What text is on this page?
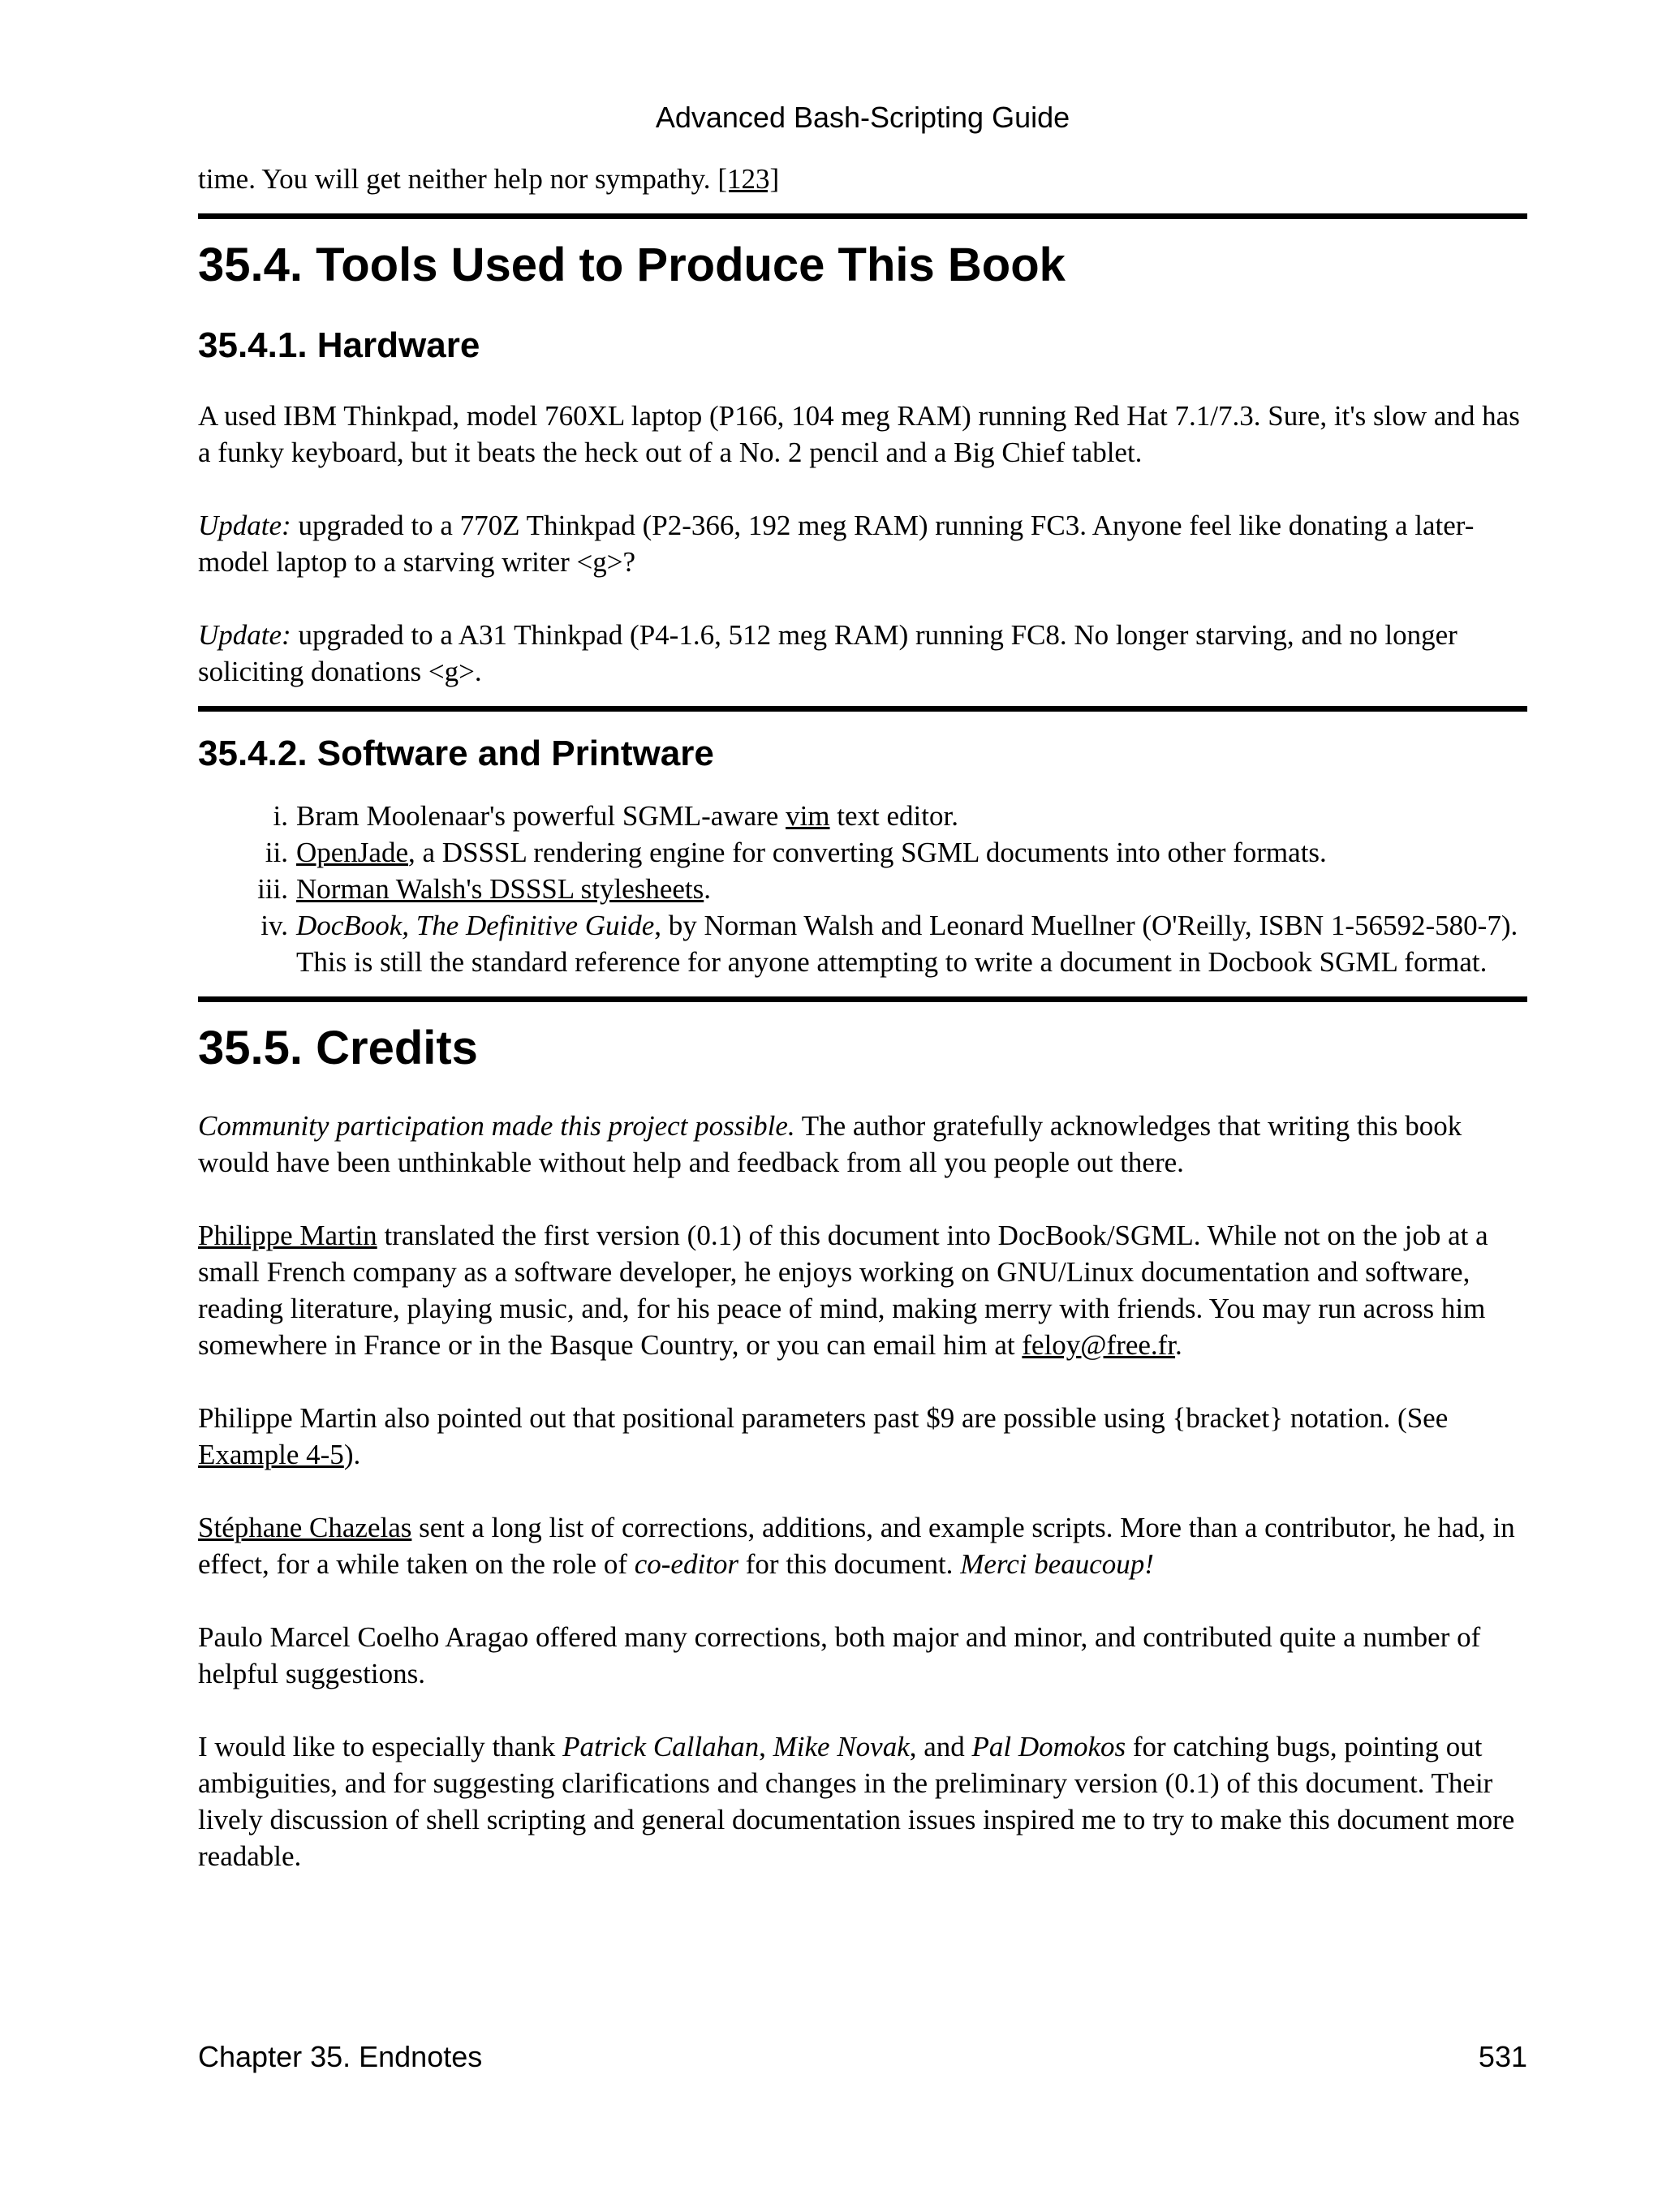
Advanced Bash-Scripting Guide

time. You will get neither help nor sympathy. [123]

35.4. Tools Used to Produce This Book
35.4.1. Hardware

A used IBM Thinkpad, model 760XL laptop (P166, 104 meg RAM) running Red Hat 7.1/7.3. Sure, it's slow and has a funky keyboard, but it beats the heck out of a No. 2 pencil and a Big Chief tablet.

Update: upgraded to a 770Z Thinkpad (P2-366, 192 meg RAM) running FC3. Anyone feel like donating a later-model laptop to a starving writer <g>?

Update: upgraded to a A31 Thinkpad (P4-1.6, 512 meg RAM) running FC8. No longer starving, and no longer soliciting donations <g>.

35.4.2. Software and Printware
i. Bram Moolenaar's powerful SGML-aware vim text editor.
ii. OpenJade, a DSSSL rendering engine for converting SGML documents into other formats.
iii. Norman Walsh's DSSSL stylesheets.
iv. DocBook, The Definitive Guide, by Norman Walsh and Leonard Muellner (O'Reilly, ISBN 1-56592-580-7). This is still the standard reference for anyone attempting to write a document in Docbook SGML format.
35.5. Credits

Community participation made this project possible. The author gratefully acknowledges that writing this book would have been unthinkable without help and feedback from all you people out there.

Philippe Martin translated the first version (0.1) of this document into DocBook/SGML. While not on the job at a small French company as a software developer, he enjoys working on GNU/Linux documentation and software, reading literature, playing music, and, for his peace of mind, making merry with friends. You may run across him somewhere in France or in the Basque Country, or you can email him at feloy@free.fr.

Philippe Martin also pointed out that positional parameters past $9 are possible using {bracket} notation. (See Example 4-5).

Stéphane Chazelas sent a long list of corrections, additions, and example scripts. More than a contributor, he had, in effect, for a while taken on the role of co-editor for this document. Merci beaucoup!

Paulo Marcel Coelho Aragao offered many corrections, both major and minor, and contributed quite a number of helpful suggestions.

I would like to especially thank Patrick Callahan, Mike Novak, and Pal Domokos for catching bugs, pointing out ambiguities, and for suggesting clarifications and changes in the preliminary version (0.1) of this document. Their lively discussion of shell scripting and general documentation issues inspired me to try to make this document more readable.

Chapter 35. Endnotes	531
